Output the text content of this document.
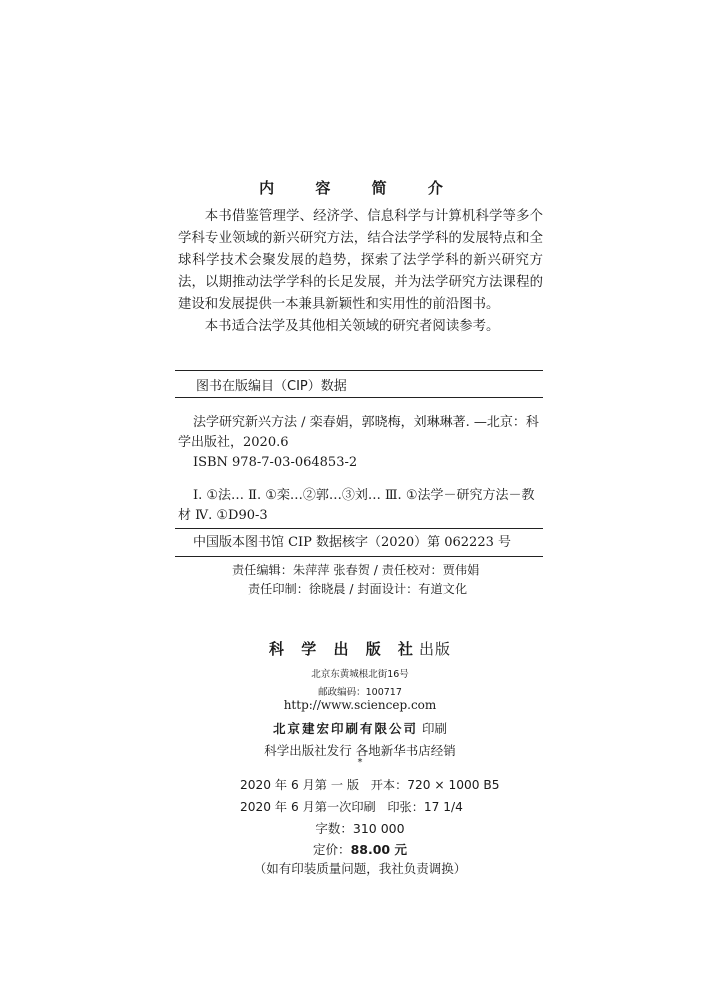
内 容 简 介

本书借鉴管理学、经济学、信息科学与计算机科学等多个学科专业领域的新兴研究方法，结合法学学科的发展特点和全球科学技术会聚发展的趋势，探索了法学学科的新兴研究方法，以期推动法学学科的长足发展，并为法学研究方法课程的建设和发展提供一本兼具新颖性和实用性的前沿图书。

本书适合法学及其他相关领域的研究者阅读参考。

图书在版编目（CIP）数据

法学研究新兴方法 / 栾春娟，郭晓梅，刘琳琳著. —北京：科学出版社，2020.6

ISBN 978-7-03-064853-2

Ⅰ. ①法… Ⅱ. ①栾…②郭…③刘… Ⅲ. ①法学－研究方法－教材 Ⅳ. ①D90-3

中国版本图书馆 CIP 数据核字（2020）第 062223 号

责任编辑：朱萍萍 张春贺 / 责任校对：贾伟娟
责任印制：徐晓晨 / 封面设计：有道文化
科 学 出 版 社出版
北京东黄城根北街16号
邮政编码：100717
http://www.sciencep.com
北京建宏印刷有限公司 印刷
科学出版社发行 各地新华书店经销
*
2020 年 6 月第 一 版 开本：720 × 1000 B5
2020 年 6 月第一次印刷 印张：17 1/4
字数：310 000
定价：88.00 元
（如有印装质量问题，我社负责调换）
